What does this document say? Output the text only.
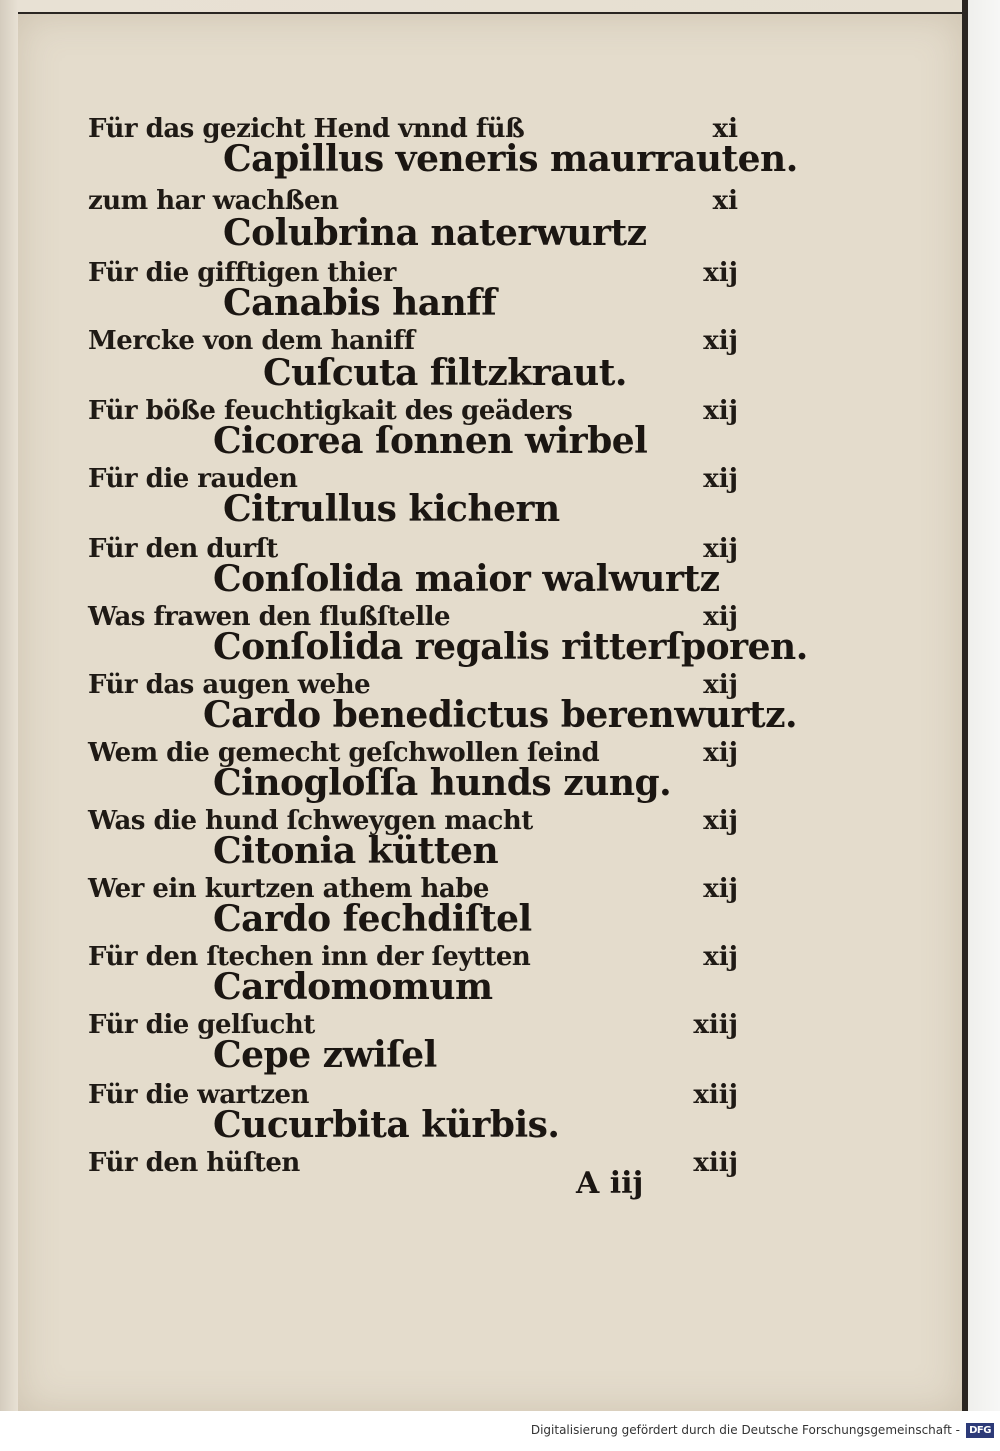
Für das gezicht Hend vnnd füß	xi
Capillus veneris maurrauten.
zum har wachßen	xi
Colubrina naterwurtz
Für die gifftigen thier	xij
Canabis hanff
Mercke von dem haniff	xij
Cuſcuta filtzkraut.
Für böße feuchtigkait des geäders	xij
Cicorea ſonnen wirbel
Für die rauden	xij
Citrullus kichern
Für den durſt	xij
Conſolida maior walwurtz
Was frawen den flußſtelle	xij
Conſolida regalis ritterſporen.
Für das augen wehe	xij
Cardo benedictus berenwurtz.
Wem die gemecht geſchwollen ſeind	xij
Cinogloſſa hunds zung.
Was die hund ſchweygen macht	xij
Citonia kütten
Wer ein kurtzen athem habe	xij
Cardo fechdiſtel
Für den ſtechen inn der ſeytten	xij
Cardomomum
Für die gelſucht	xiij
Cepe zwiſel
Für die wartzen	xiij
Cucurbita kürbis.
Für den hüſten	xiij
A iij
Digitalisierung gefördert durch die Deutsche Forschungsgemeinschaft - DFG
